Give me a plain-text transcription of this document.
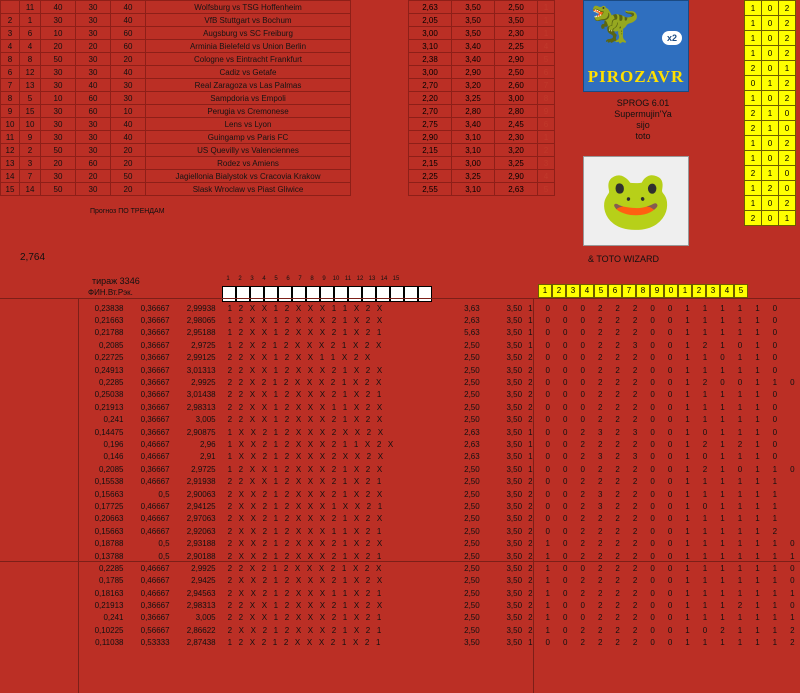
	11	40	30	40	Wolfsburg vs TSG Hoffenheim
2	1	30	30	40	VfB Stuttgart vs Bochum
3	6	10	30	60	Augsburg vs SC Freiburg
4	4	20	20	60	Arminia Bielefeld vs Union Berlin
8	8	50	30	20	Cologne vs Eintracht Frankfurt
6	12	30	30	40	Cadiz vs Getafe
7	13	30	40	30	Real Zaragoza vs Las Palmas
8	5	10	60	30	Sampdoria vs Empoli
9	15	30	60	10	Perugia vs Cremonese
10	10	30	30	40	Lens vs Lyon
11	9	30	30	40	Guingamp vs Paris FC
12	2	50	30	20	US Quevilly vs Valenciennes
13	3	20	60	20	Rodez vs Amiens
14	7	30	20	50	Jagiellonia Bialystok vs Cracovia Krakow
15	14	50	30	20	Slask Wroclaw vs Piast Gliwice
2,63	3,50	2,50	1
2,05	3,50	3,50	1
3,00	3,50	2,30	1
3,10	3,40	2,25	4
2,38	3,40	2,90	5
3,00	2,90	2,50	6
2,70	3,20	2,60	7
2,20	3,25	3,00	8
2,70	2,80	2,80	9
2,75	3,40	2,45	6
2,90	3,10	2,30	1
2,15	3,10	3,20	2
2,15	3,00	3,25	3
2,25	3,25	2,90	4
2,55	3,10	2,63	5
1	0	2
1	0	2
1	0	2
1	0	2
2	0	1
0	1	2
1	0	2
2	1	0
2	1	0
1	0	2
1	0	2
2	1	0
1	2	0
1	0	2
2	0	1
🦖	x2
PIROZAVR
SPROG 6.01
Supermujin'Ya
sijo
toto
🐸
& TOTO WIZARD
2,764
Прогноз ПО ТРЕНДАМ
тираж 3346
ФИН.Вт.Рэк.
1	2	3	4	5	6	7	8	9	10 11 12 13 14 15
1	2	3	4	5	6	7	8	9	0	1	2	3	4	5
0,23838	0,36667	2,99938	1 2 X X 1 2 X X X 1 1 X 2 X		3,63	3,50	1 0 0 0 2 2 2 0 0 1 1 1 1 1 0
0,21663	0,36667	2,98065	1 2 X X 1 2 X X X 2 1 X 2 X		2,63	3,50	1 0 0 0 2 2 2 0 0 1 1 1 1 1 0
0,21788	0,36667	2,95188	1 2 X X 1 2 X X X 2 1 X 2 1		5,63	3,50	1 0 0 0 2 2 2 0 0 1 1 1 1 1 0
0,2085	0,36667	2,9725	1 2 X 2 1 2 X X X 2 1 X 2 X		2,50	3,50	1 0 0 0 2 2 3 0 0 1 2 1 0 1 0
0,22725	0,36667	2,99125	2 2 X X 1 2 X X 1 1 X 2 X		2,50	3,50	2 0 0 0 2 2 2 0 0 1 1 0 1 1 0
0,24913	0,36667	3,01313	2 2 X X 1 2 X X X 2 1 X 2 X		2,50	3,50	2 0 0 0 2 2 2 0 0 1 1 1 1 1 0
0,2285	0,36667	2,9925	2 2 X 2 1 2 X X X 2 1 X 2 X		2,50	3,50	2 0 0 0 2 2 2 0 0 1 2 0 0 1 1 0
0,25038	0,36667	3,01438	2 2 X X 1 2 X X X 2 1 X 2 1		2,50	3,50	2 0 0 0 2 2 2 0 0 1 1 1 1 1 0
0,21913	0,36667	2,98313	2 2 X X 1 2 X X X 1 1 X 2 X		2,50	3,50	2 0 0 0 2 2 2 0 0 1 1 1 1 1 0
0,241	0,36667	3,005	2 2 X X 1 2 X X X 2 1 X 2 X		2,50	3,50	2 0 0 0 2 2 2 0 0 1 1 1 1 1 0
0,14475	0,36667	2,90875	1 X X 2 1 2 X X X 2 X X 2 X		2,63	3,50	1 0 0 2 3 2 3 0 0 1 0 1 1 1 0
0,196	0,46667	2,96	1 X X 2 1 2 X X X 2 1 1 X 2 X		2,63	3,50	1 0 0 2 2 2 2 0 0 1 2 1 2 1 0
0,146	0,46667	2,91	1 X X 2 1 2 X X X 2 X X 2 X		2,63	3,50	1 0 0 2 3 2 3 0 0 1 0 1 1 1 0
0,2085	0,36667	2,9725	1 2 X X 1 2 X X X 2 1 X 2 X		2,50	3,50	1 0 0 0 2 2 2 0 0 1 2 1 0 1 1 0
0,15538	0,46667	2,91938	2 2 X X 1 2 X X X 2 1 X 2 1		2,50	3,50	2 0 0 2 2 2 2 0 0 1 1 1 1 1 1
0,15663	0,5	2,90063	2 X X 2 1 2 X X X 2 1 X 2 X		2,50	3,50	2 0 0 2 3 2 2 0 0 1 1 1 1 1 1
0,17725	0,46667	2,94125	2 X X 2 1 2 X X X 1 X X 2 1		2,50	3,50	2 0 0 2 3 2 2 0 0 1 0 1 1 1 1
0,20663	0,46667	2,97063	2 X X 2 1 2 X X X 2 1 X 2 X		2,50	3,50	2 0 0 2 2 2 2 0 0 1 1 1 1 1 1
0,15663	0,46667	2,92063	2 X X 2 1 2 X X X 1 1 X 2 1		2,50	3,50	2 0 0 2 2 2 2 0 0 1 1 1 1 1 2
0,18788	0,5	2,93188	2 X X 2 1 2 X X X 2 1 X 2 X		2,50	3,50	2 1 0 2 2 2 2 0 0 1 1 1 1 1 1 0
0,13788	0,5	2,90188	2 X X 2 1 2 X X X 2 1 X 2 1		2,50	3,50	2 1 0 2 2 2 2 0 0 1 1 1 1 1 1 1
0,2285	0,46667	2,9925	2 2 X 2 1 2 X X X 2 1 X 2 X		2,50	3,50	2 1 0 0 2 2 2 0 0 1 1 1 1 1 1 0
0,1785	0,46667	2,9425	2 X X 2 1 2 X X X 2 1 X 2 X		2,50	3,50	2 1 0 2 2 2 2 0 0 1 1 1 1 1 1 0
0,18163	0,46667	2,94563	2 X X 2 1 2 X X X 1 1 X 2 1		2,50	3,50	2 1 0 2 2 2 2 0 0 1 1 1 1 1 1 1
0,21913	0,36667	2,98313	2 2 X X 1 2 X X X 2 1 X 2 X		2,50	3,50	2 1 0 0 2 2 2 0 0 1 1 1 2 1 1 0
0,241	0,36667	3,005	2 2 X X 1 2 X X X 2 1 X 2 1		2,50	3,50	2 1 0 0 2 2 2 0 0 1 1 1 1 1 1 1
0,10225	0,56667	2,86622	2 X X 2 1 2 X X X 2 1 X 2 1		2,50	3,50	2 1 0 2 2 2 2 0 0 1 0 2 1 1 1 2
0,11038	0,53333	2,87438	1 2 X 2 1 2 X X X 2 1 X 2 1		3,50	3,50	1 0 0 2 2 2 2 0 0 1 1 1 1 1 1 2
